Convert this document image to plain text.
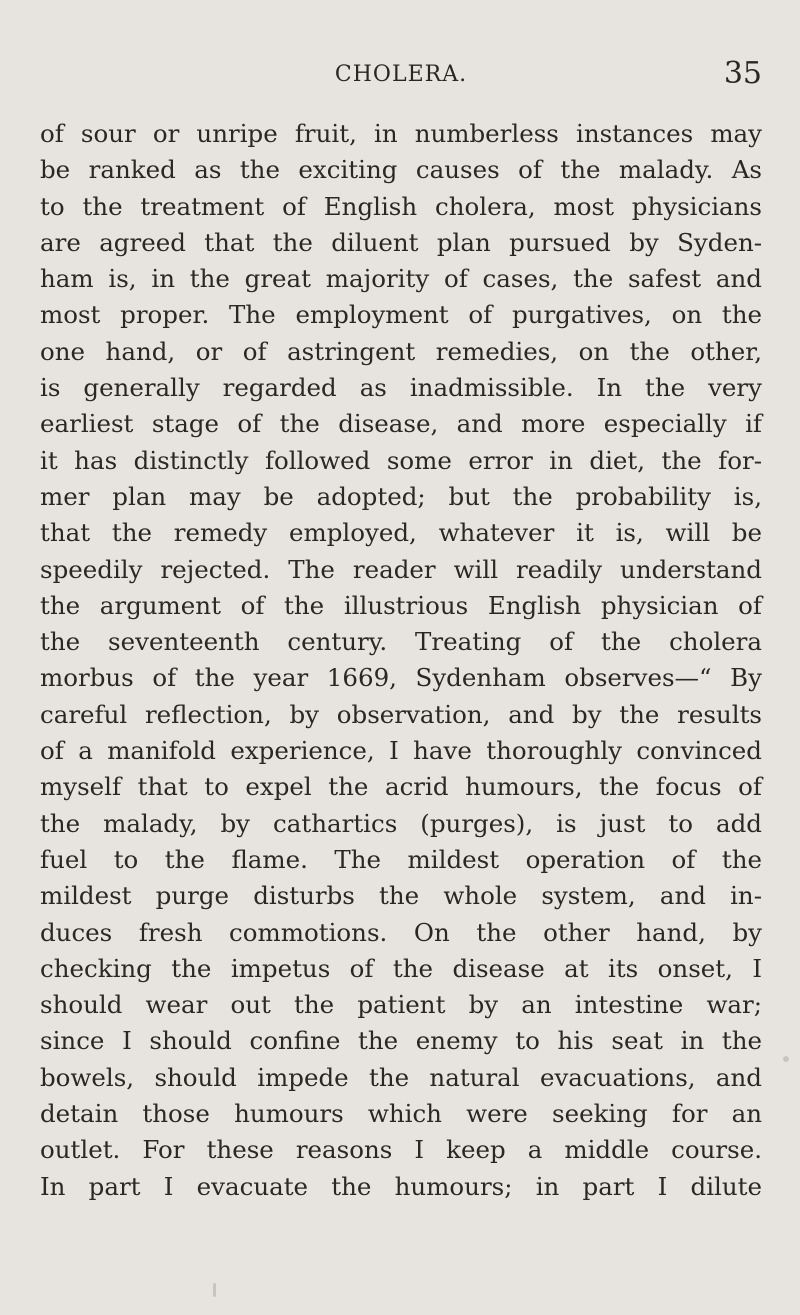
CHOLERA.	35
of sour or unripe fruit, in numberless instances may
be ranked as the exciting causes of the malady. As
to the treatment of English cholera, most physicians
are agreed that the diluent plan pursued by Syden-
ham is, in the great majority of cases, the safest and
most proper. The employment of purgatives, on the
one hand, or of astringent remedies, on the other,
is generally regarded as inadmissible. In the very
earliest stage of the disease, and more especially if
it has distinctly followed some error in diet, the for-
mer plan may be adopted; but the probability is,
that the remedy employed, whatever it is, will be
speedily rejected. The reader will readily understand
the argument of the illustrious English physician of
the seventeenth century. Treating of the cholera
morbus of the year 1669, Sydenham observes—“ By
careful reflection, by observation, and by the results
of a manifold experience, I have thoroughly convinced
myself that to expel the acrid humours, the focus of
the malady, by cathartics (purges), is just to add
fuel to the flame. The mildest operation of the
mildest purge disturbs the whole system, and in-
duces fresh commotions. On the other hand, by
checking the impetus of the disease at its onset, I
should wear out the patient by an intestine war;
since I should confine the enemy to his seat in the
bowels, should impede the natural evacuations, and
detain those humours which were seeking for an
outlet. For these reasons I keep a middle course.
In part I evacuate the humours; in part I dilute
